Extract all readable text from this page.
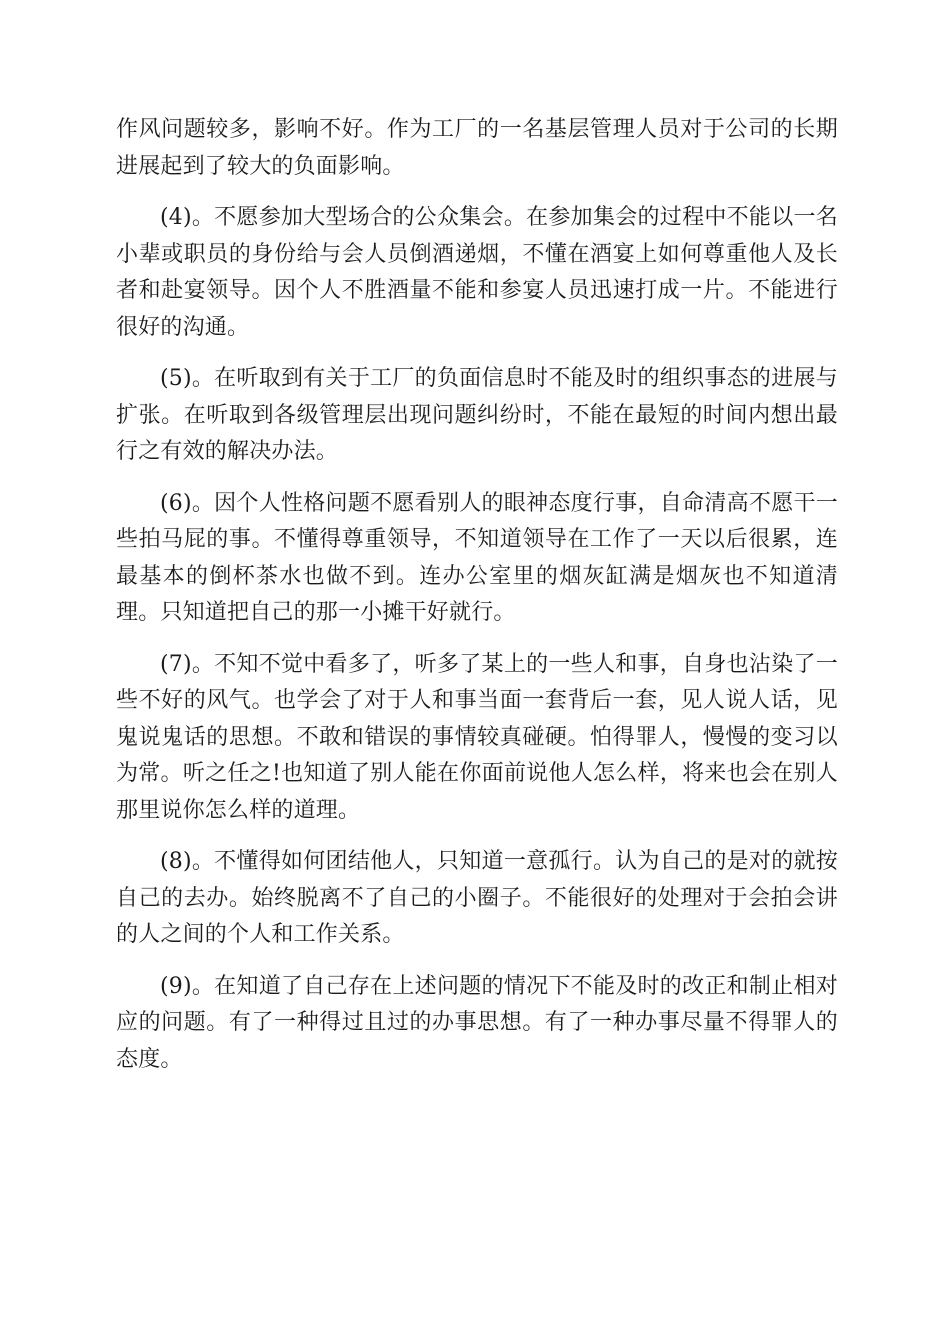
作风问题较多，影响不好。作为工厂的一名基层管理人员对于公司的长期进展起到了较大的负面影响。

(4)。不愿参加大型场合的公众集会。在参加集会的过程中不能以一名小辈或职员的身份给与会人员倒酒递烟，不懂在酒宴上如何尊重他人及长者和赴宴领导。因个人不胜酒量不能和参宴人员迅速打成一片。不能进行很好的沟通。

(5)。在听取到有关于工厂的负面信息时不能及时的组织事态的进展与扩张。在听取到各级管理层出现问题纠纷时，不能在最短的时间内想出最行之有效的解决办法。

(6)。因个人性格问题不愿看别人的眼神态度行事，自命清高不愿干一些拍马屁的事。不懂得尊重领导，不知道领导在工作了一天以后很累，连最基本的倒杯茶水也做不到。连办公室里的烟灰缸满是烟灰也不知道清理。只知道把自己的那一小摊干好就行。

(7)。不知不觉中看多了，听多了某上的一些人和事，自身也沾染了一些不好的风气。也学会了对于人和事当面一套背后一套，见人说人话，见鬼说鬼话的思想。不敢和错误的事情较真碰硬。怕得罪人，慢慢的变习以为常。听之任之!也知道了别人能在你面前说他人怎么样，将来也会在别人那里说你怎么样的道理。

(8)。不懂得如何团结他人，只知道一意孤行。认为自己的是对的就按自己的去办。始终脱离不了自己的小圈子。不能很好的处理对于会拍会讲的人之间的个人和工作关系。

(9)。在知道了自己存在上述问题的情况下不能及时的改正和制止相对应的问题。有了一种得过且过的办事思想。有了一种办事尽量不得罪人的态度。
